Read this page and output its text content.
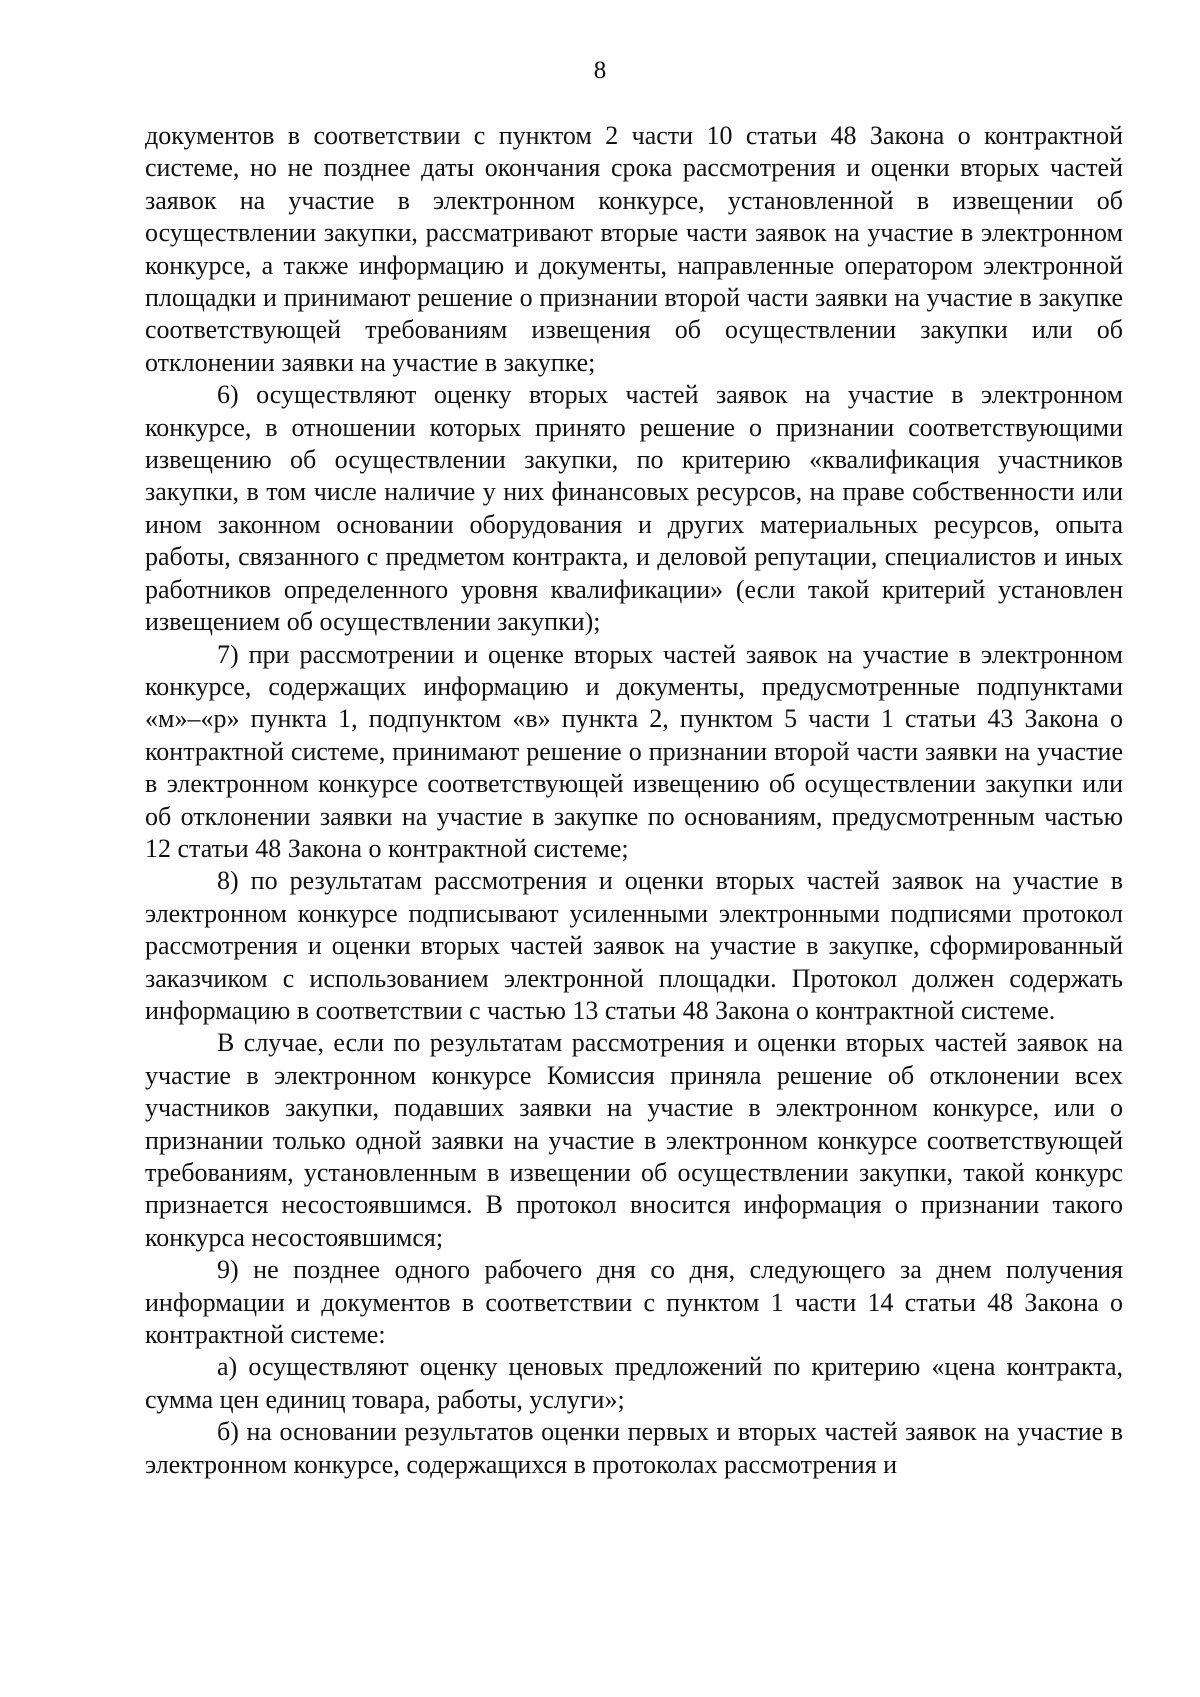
8

документов в соответствии с пунктом 2 части 10 статьи 48 Закона о контрактной системе, но не позднее даты окончания срока рассмотрения и оценки вторых частей заявок на участие в электронном конкурсе, установленной в извещении об осуществлении закупки, рассматривают вторые части заявок на участие в электронном конкурсе, а также информацию и документы, направленные оператором электронной площадки и принимают решение о признании второй части заявки на участие в закупке соответствующей требованиям извещения об осуществлении закупки или об отклонении заявки на участие в закупке;

6) осуществляют оценку вторых частей заявок на участие в электронном конкурсе, в отношении которых принято решение о признании соответствующими извещению об осуществлении закупки, по критерию «квалификация участников закупки, в том числе наличие у них финансовых ресурсов, на праве собственности или ином законном основании оборудования и других материальных ресурсов, опыта работы, связанного с предметом контракта, и деловой репутации, специалистов и иных работников определенного уровня квалификации» (если такой критерий установлен извещением об осуществлении закупки);

7) при рассмотрении и оценке вторых частей заявок на участие в электронном конкурсе, содержащих информацию и документы, предусмотренные подпунктами «м»–«р» пункта 1, подпунктом «в» пункта 2, пунктом 5 части 1 статьи 43 Закона о контрактной системе, принимают решение о признании второй части заявки на участие в электронном конкурсе соответствующей извещению об осуществлении закупки или об отклонении заявки на участие в закупке по основаниям, предусмотренным частью 12 статьи 48 Закона о контрактной системе;

8) по результатам рассмотрения и оценки вторых частей заявок на участие в электронном конкурсе подписывают усиленными электронными подписями протокол рассмотрения и оценки вторых частей заявок на участие в закупке, сформированный заказчиком с использованием электронной площадки. Протокол должен содержать информацию в соответствии с частью 13 статьи 48 Закона о контрактной системе.

В случае, если по результатам рассмотрения и оценки вторых частей заявок на участие в электронном конкурсе Комиссия приняла решение об отклонении всех участников закупки, подавших заявки на участие в электронном конкурсе, или о признании только одной заявки на участие в электронном конкурсе соответствующей требованиям, установленным в извещении об осуществлении закупки, такой конкурс признается несостоявшимся. В протокол вносится информация о признании такого конкурса несостоявшимся;

9) не позднее одного рабочего дня со дня, следующего за днем получения информации и документов в соответствии с пунктом 1 части 14 статьи 48 Закона о контрактной системе:

а) осуществляют оценку ценовых предложений по критерию «цена контракта, сумма цен единиц товара, работы, услуги»;

б) на основании результатов оценки первых и вторых частей заявок на участие в электронном конкурсе, содержащихся в протоколах рассмотрения и
